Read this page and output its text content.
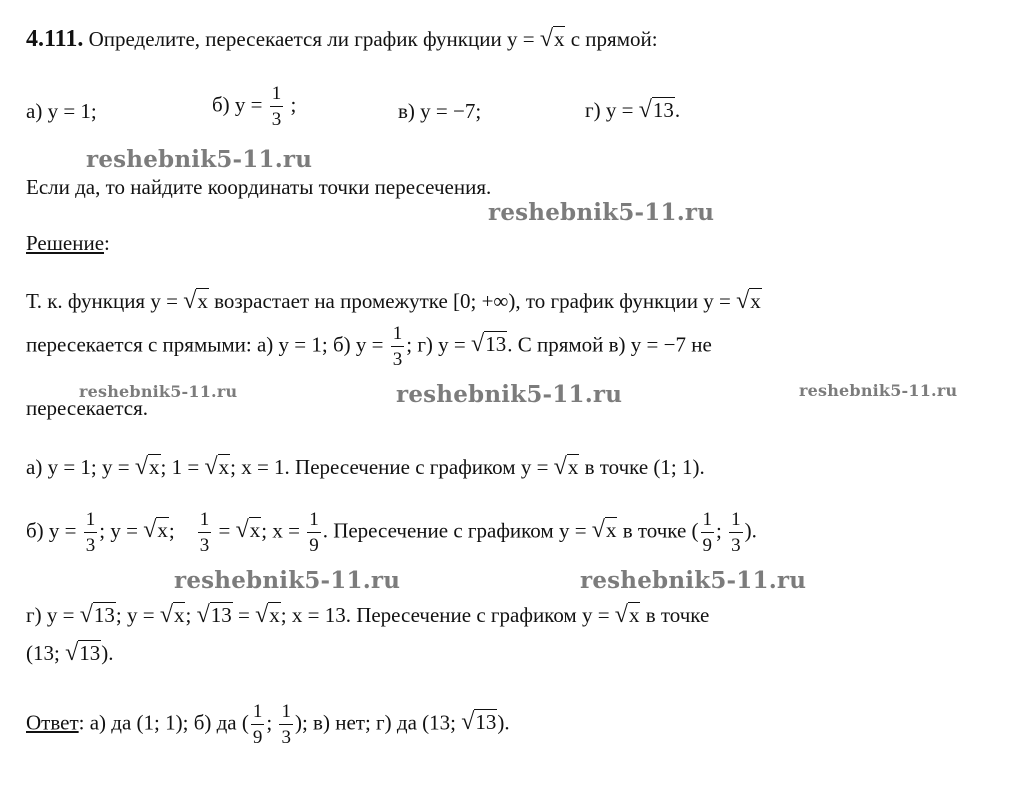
4.111. Определите, пересекается ли график функции y = √x с прямой:
а) y = 1;	б) $y = \frac{1}{3}$ ;	в) y = −7;	г) y = √13.
Если да, то найдите координаты точки пересечения.
Решение:
Т. к. функция y = √x возрастает на промежутке [0; +∞), то график функции y = √x
пересекается с прямыми: а) y = 1; б) $y = \frac{1}{3}$ ; г) y = √13. С прямой в) y = −7 не
пересекается.
а) y = 1; y = √x; 1 = √x; x = 1. Пересечение с графиком y = √x в точке (1; 1).
б) $y = \frac{1}{3}$ ; y = √x; $\frac{1}{3} = √x$; $x = \frac{1}{9}$ . Пересечение с графиком y = √x в точке ( $\frac{1}{9}$ ; $\frac{1}{3}$ ).
г) y = √13; y = √x; √13 = √x; x = 13. Пересечение с графиком y = √x в точке
(13; √13).
Ответ: а) да (1; 1); б) да ( $\frac{1}{9}$ ; $\frac{1}{3}$ ); в) нет; г) да (13; √13).
reshebnik5-11.ru
reshebnik5-11.ru
reshebnik5-11.ru	reshebnik5-11.ru	reshebnik5-11.ru
reshebnik5-11.ru	reshebnik5-11.ru
